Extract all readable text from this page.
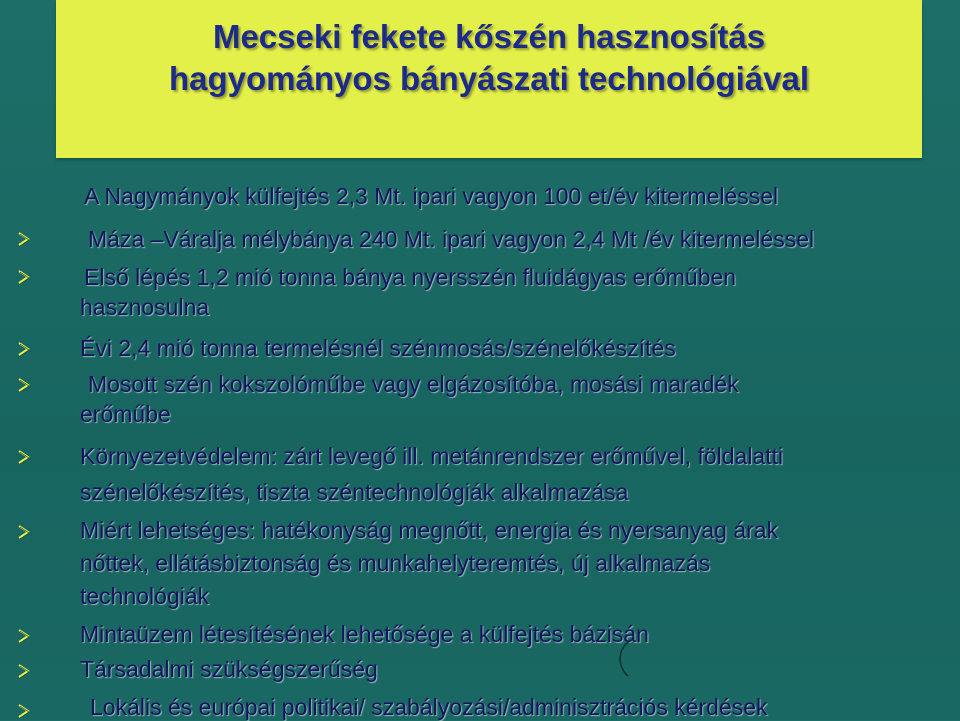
Mecseki fekete kőszén hasznosítás
hagyományos bányászati technológiával
A Nagymányok külfejtés 2,3 Mt. ipari vagyon 100 et/év kitermeléssel
Máza –Váralja mélybánya 240 Mt. ipari vagyon 2,4 Mt /év kitermeléssel
Első lépés 1,2 mió tonna bánya nyersszén fluidágyas erőműben
hasznosulna
Évi 2,4 mió tonna termelésnél szénmosás/szénelőkészítés
Mosott szén kokszolóműbe vagy elgázosítóba, mosási maradék
erőműbe
Környezetvédelem: zárt levegő ill. metánrendszer erőművel, földalatti
szénelőkészítés, tiszta széntechnológiák alkalmazása
Miért lehetséges: hatékonyság megnőtt, energia és nyersanyag árak
nőttek, ellátásbiztonság és munkahelyteremtés, új alkalmazás
technológiák
Mintaüzem létesítésének lehetősége a külfejtés bázisán
Társadalmi szükségszerűség
Lokális és európai politikai/ szabályozási/adminisztrációs kérdések
